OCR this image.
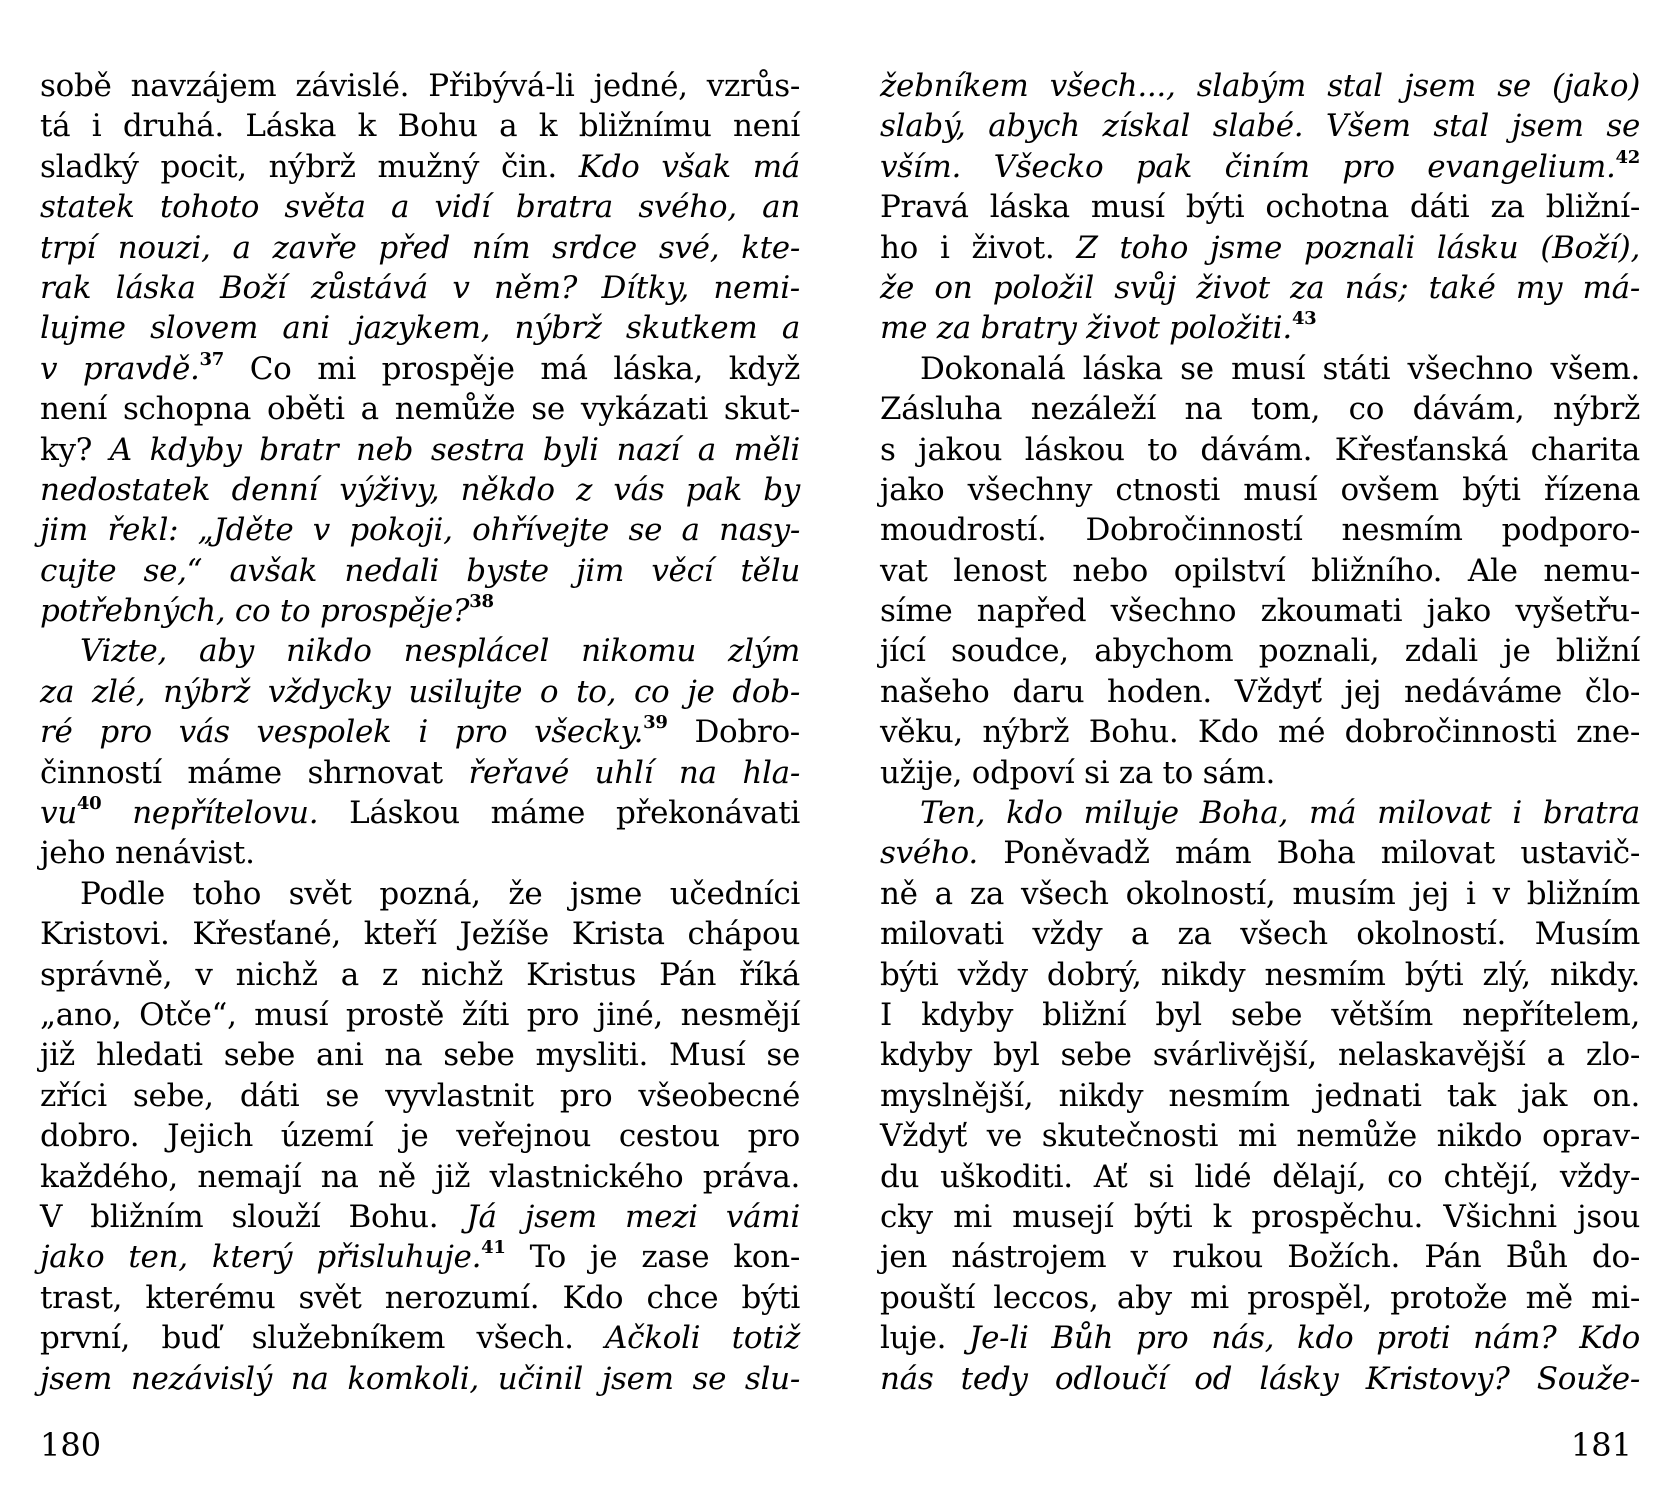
sobě navzájem závislé. Přibývá-li jedné, vzrůs-
tá i druhá. Láska k Bohu a k bližnímu není
sladký pocit, nýbrž mužný čin. Kdo však má
statek tohoto světa a vidí bratra svého, an
trpí nouzi, a zavře před ním srdce své, kte-
rak láska Boží zůstává v něm? Dítky, nemi-
lujme slovem ani jazykem, nýbrž skutkem a
v pravdě.$^{37}$ Co mi prospěje má láska, když
není schopna oběti a nemůže se vykázati skut-
ky? A kdyby bratr neb sestra byli nazí a měli
nedostatek denní výživy, někdo z vás pak by
jim řekl: „Jděte v pokoji, ohřívejte se a nasy-
cujte se,“ avšak nedali byste jim věcí tělu
potřebných, co to prospěje?$^{38}$
Vizte, aby nikdo nesplácel nikomu zlým
za zlé, nýbrž vždycky usilujte o to, co je dob-
ré pro vás vespolek i pro všecky.$^{39}$ Dobro-
činností máme shrnovat řeřavé uhlí na hla-
$vu^{40}$ nepřítelovu. Láskou máme překonávati
jeho nenávist.
Podle toho svět pozná, že jsme učedníci
Kristovi. Křesťané, kteří Ježíše Krista chápou
správně, v nichž a z nichž Kristus Pán říká
„ano, Otče“, musí prostě žíti pro jiné, nesmějí
již hledati sebe ani na sebe mysliti. Musí se
zříci sebe, dáti se vyvlastnit pro všeobecné
dobro. Jejich území je veřejnou cestou pro
každého, nemají na ně již vlastnického práva.
V bližním slouží Bohu. Já jsem mezi vámi
jako ten, který přisluhuje.$^{41}$ To je zase kon-
trast, kterému svět nerozumí. Kdo chce býti
první, buď služebníkem všech. Ačkoli totiž
jsem nezávislý na komkoli, učinil jsem se slu-
žebníkem všech..., slabým stal jsem se (jako)
slabý, abych získal slabé. Všem stal jsem se
vším. Všecko pak činím pro evangelium.$^{42}$
Pravá láska musí býti ochotna dáti za bližní-
ho i život. Z toho jsme poznali lásku (Boží),
že on položil svůj život za nás; také my má-
me za bratry život položiti.$^{43}$
Dokonalá láska se musí státi všechno všem.
Zásluha nezáleží na tom, co dávám, nýbrž
s jakou láskou to dávám. Křesťanská charita
jako všechny ctnosti musí ovšem býti řízena
moudrostí. Dobročinností nesmím podporo-
vat lenost nebo opilství bližního. Ale nemu-
síme napřed všechno zkoumati jako vyšetřu-
jící soudce, abychom poznali, zdali je bližní
našeho daru hoden. Vždyť jej nedáváme člo-
věku, nýbrž Bohu. Kdo mé dobročinnosti zne-
užije, odpoví si za to sám.
Ten, kdo miluje Boha, má milovat i bratra
svého. Poněvadž mám Boha milovat ustavič-
ně a za všech okolností, musím jej i v bližním
milovati vždy a za všech okolností. Musím
býti vždy dobrý, nikdy nesmím býti zlý, nikdy.
I kdyby bližní byl sebe větším nepřítelem,
kdyby byl sebe svárlivější, nelaskavější a zlo-
myslnější, nikdy nesmím jednati tak jak on.
Vždyť ve skutečnosti mi nemůže nikdo oprav-
du uškoditi. Ať si lidé dělají, co chtějí, vždy-
cky mi musejí býti k prospěchu. Všichni jsou
jen nástrojem v rukou Božích. Pán Bůh do-
pouští leccos, aby mi prospěl, protože mě mi-
luje. Je-li Bůh pro nás, kdo proti nám? Kdo
nás tedy odloučí od lásky Kristovy? Souže-
180	181
